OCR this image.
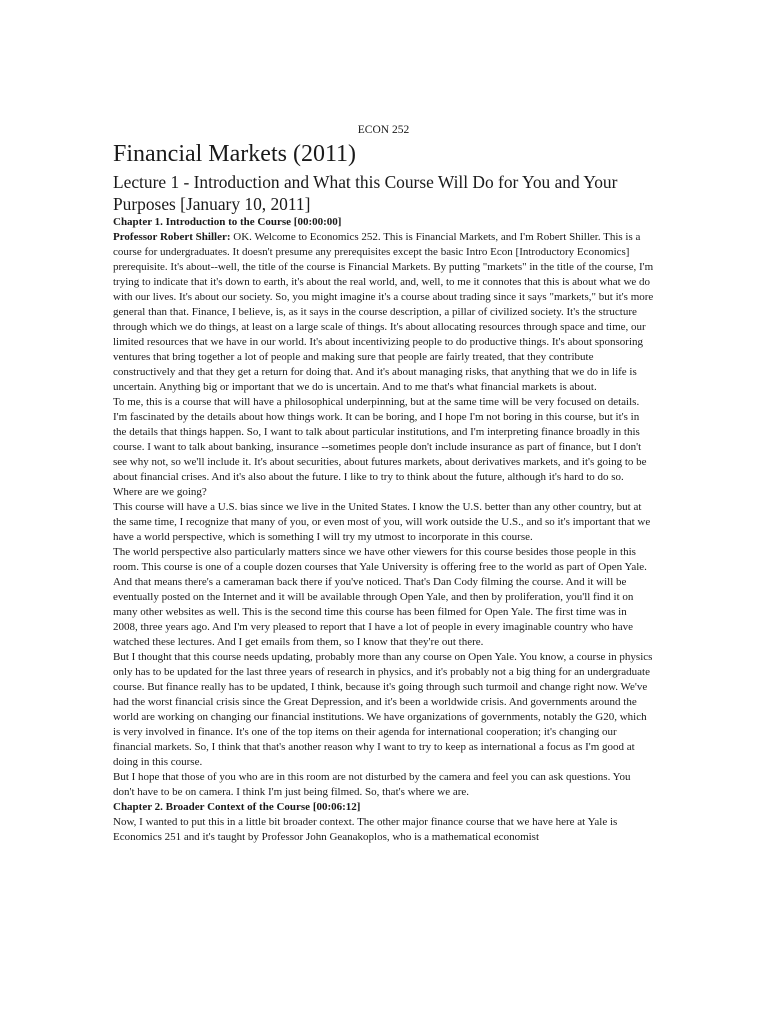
ECON 252
Financial Markets (2011)
Lecture 1 - Introduction and What this Course Will Do for You and Your Purposes [January 10, 2011]
Chapter 1. Introduction to the Course [00:00:00]

Professor Robert Shiller: OK. Welcome to Economics 252. This is Financial Markets, and I'm Robert Shiller. This is a course for undergraduates. It doesn't presume any prerequisites except the basic Intro Econ [Introductory Economics] prerequisite. It's about--well, the title of the course is Financial Markets. By putting "markets" in the title of the course, I'm trying to indicate that it's down to earth, it's about the real world, and, well, to me it connotes that this is about what we do with our lives. It's about our society. So, you might imagine it's a course about trading since it says "markets," but it's more general than that. Finance, I believe, is, as it says in the course description, a pillar of civilized society. It's the structure through which we do things, at least on a large scale of things. It's about allocating resources through space and time, our limited resources that we have in our world. It's about incentivizing people to do productive things. It's about sponsoring ventures that bring together a lot of people and making sure that people are fairly treated, that they contribute constructively and that they get a return for doing that. And it's about managing risks, that anything that we do in life is uncertain. Anything big or important that we do is uncertain. And to me that's what financial markets is about.

To me, this is a course that will have a philosophical underpinning, but at the same time will be very focused on details. I'm fascinated by the details about how things work. It can be boring, and I hope I'm not boring in this course, but it's in the details that things happen. So, I want to talk about particular institutions, and I'm interpreting finance broadly in this course. I want to talk about banking, insurance --sometimes people don't include insurance as part of finance, but I don't see why not, so we'll include it. It's about securities, about futures markets, about derivatives markets, and it's going to be about financial crises. And it's also about the future. I like to try to think about the future, although it's hard to do so. Where are we going?

This course will have a U.S. bias since we live in the United States. I know the U.S. better than any other country, but at the same time, I recognize that many of you, or even most of you, will work outside the U.S., and so it's important that we have a world perspective, which is something I will try my utmost to incorporate in this course.

The world perspective also particularly matters since we have other viewers for this course besides those people in this room. This course is one of a couple dozen courses that Yale University is offering free to the world as part of Open Yale. And that means there's a cameraman back there if you've noticed. That's Dan Cody filming the course. And it will be eventually posted on the Internet and it will be available through Open Yale, and then by proliferation, you'll find it on many other websites as well. This is the second time this course has been filmed for Open Yale. The first time was in 2008, three years ago. And I'm very pleased to report that I have a lot of people in every imaginable country who have watched these lectures. And I get emails from them, so I know that they're out there.

But I thought that this course needs updating, probably more than any course on Open Yale. You know, a course in physics only has to be updated for the last three years of research in physics, and it's probably not a big thing for an undergraduate course. But finance really has to be updated, I think, because it's going through such turmoil and change right now. We've had the worst financial crisis since the Great Depression, and it's been a worldwide crisis. And governments around the world are working on changing our financial institutions. We have organizations of governments, notably the G20, which is very involved in finance. It's one of the top items on their agenda for international cooperation; it's changing our financial markets. So, I think that that's another reason why I want to try to keep as international a focus as I'm good at doing in this course.

But I hope that those of you who are in this room are not disturbed by the camera and feel you can ask questions. You don't have to be on camera. I think I'm just being filmed. So, that's where we are.

Chapter 2. Broader Context of the Course [00:06:12]

Now, I wanted to put this in a little bit broader context. The other major finance course that we have here at Yale is Economics 251 and it's taught by Professor John Geanakoplos, who is a mathematical economist
